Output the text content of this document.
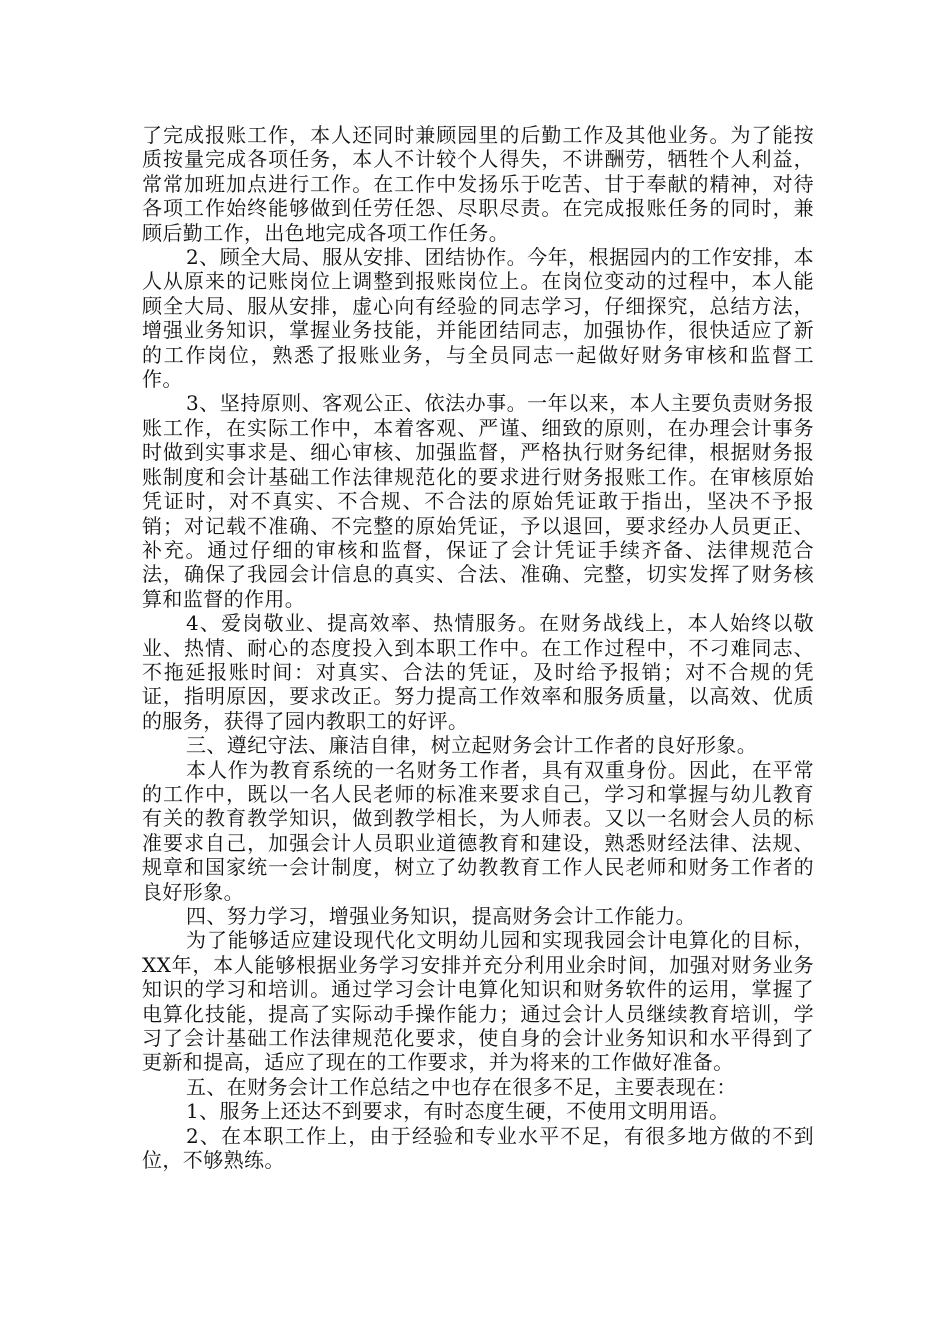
了完成报账工作，本人还同时兼顾园里的后勤工作及其他业务。为了能按质按量完成各项任务，本人不计较个人得失，不讲酬劳，牺牲个人利益，常常加班加点进行工作。在工作中发扬乐于吃苦、甘于奉献的精神，对待各项工作始终能够做到任劳任怨、尽职尽责。在完成报账任务的同时，兼顾后勤工作，出色地完成各项工作任务。

2、顾全大局、服从安排、团结协作。今年，根据园内的工作安排，本人从原来的记账岗位上调整到报账岗位上。在岗位变动的过程中，本人能顾全大局、服从安排，虚心向有经验的同志学习，仔细探究，总结方法，增强业务知识，掌握业务技能，并能团结同志，加强协作，很快适应了新的工作岗位，熟悉了报账业务，与全员同志一起做好财务审核和监督工作。

3、坚持原则、客观公正、依法办事。一年以来，本人主要负责财务报账工作，在实际工作中，本着客观、严谨、细致的原则，在办理会计事务时做到实事求是、细心审核、加强监督，严格执行财务纪律，根据财务报账制度和会计基础工作法律规范化的要求进行财务报账工作。在审核原始凭证时，对不真实、不合规、不合法的原始凭证敢于指出，坚决不予报销；对记载不准确、不完整的原始凭证，予以退回，要求经办人员更正、补充。通过仔细的审核和监督，保证了会计凭证手续齐备、法律规范合法，确保了我园会计信息的真实、合法、准确、完整，切实发挥了财务核算和监督的作用。

4、爱岗敬业、提高效率、热情服务。在财务战线上，本人始终以敬业、热情、耐心的态度投入到本职工作中。在工作过程中，不刁难同志、不拖延报账时间：对真实、合法的凭证，及时给予报销；对不合规的凭证，指明原因，要求改正。努力提高工作效率和服务质量，以高效、优质的服务，获得了园内教职工的好评。

三、遵纪守法、廉洁自律，树立起财务会计工作者的良好形象。

本人作为教育系统的一名财务工作者，具有双重身份。因此，在平常的工作中，既以一名人民老师的标准来要求自己，学习和掌握与幼儿教育有关的教育教学知识，做到教学相长，为人师表。又以一名财会人员的标准要求自己，加强会计人员职业道德教育和建设，熟悉财经法律、法规、规章和国家统一会计制度，树立了幼教教育工作人民老师和财务工作者的良好形象。

四、努力学习，增强业务知识，提高财务会计工作能力。

为了能够适应建设现代化文明幼儿园和实现我园会计电算化的目标，XX年，本人能够根据业务学习安排并充分利用业余时间，加强对财务业务知识的学习和培训。通过学习会计电算化知识和财务软件的运用，掌握了电算化技能，提高了实际动手操作能力；通过会计人员继续教育培训，学习了会计基础工作法律规范化要求，使自身的会计业务知识和水平得到了更新和提高，适应了现在的工作要求，并为将来的工作做好准备。

五、在财务会计工作总结之中也存在很多不足，主要表现在：

1、服务上还达不到要求，有时态度生硬，不使用文明用语。

2、在本职工作上，由于经验和专业水平不足，有很多地方做的不到位，不够熟练。
